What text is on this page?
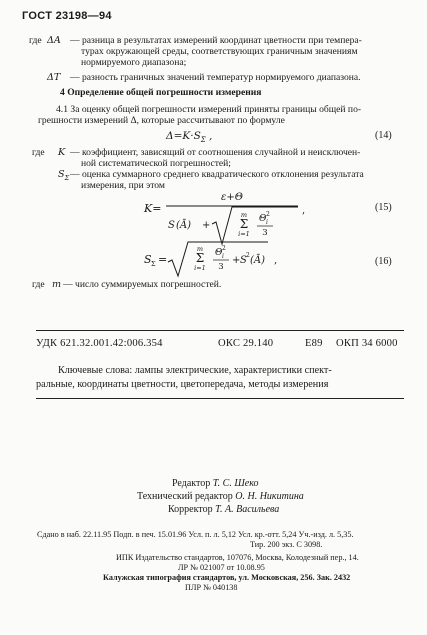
ГОСТ 23198—94
где ΔA — разница в результатах измерений координат цветности при темпера-
турах окружающей среды, соответствующих граничным значениям
нормируемого диапазона;
ΔT — разность граничных значений температур нормируемого диапазона.
4 Определение общей погрешности измерения
4.1 За оценку общей погрешности измерений приняты границы общей по-
грешности измерений Δ, которые рассчитывают по формуле
$\Delta=K\cdot S_\Sigma$ ,	(14)
где K — коэффициент, зависящий от соотношения случайной и неисключен-
ной систематической погрешностей;
$S_\Sigma$ — оценка суммарного среднего квадратического отклонения результата
измерения, при этом
K=
ε+Θ
S (Ā) +
m
Σ
i=1
Θ 2
i
3
,	(15)
S Σ =
m
Σ
i=1
Θ 2
i
3
+ S 2 (Ā) ,	(16)
где m — число суммируемых погрешностей.
УДК 621.32.001.42:006.354	ОКС 29.140	Е89 ОКП 34 6000
Ключевые слова: лампы электрические, характеристики спект-
ральные, координаты цветности, цветопередача, методы измерения
Редактор Т. С. Шеко
Технический редактор О. Н. Никитина
Корректор Т. А. Васильева
Сдано в наб. 22.11.95 Подп. в печ. 15.01.96 Усл. п. л. 5,12 Усл. кр.-отт. 5,24 Уч.-изд. л. 5,35.
Тир. 200 экз. С 3098.
ИПК Издательство стандартов, 107076, Москва, Колодезный пер., 14.
ЛР № 021007 от 10.08.95
Калужская типография стандартов, ул. Московская, 256. Зак. 2432
ПЛР № 040138
